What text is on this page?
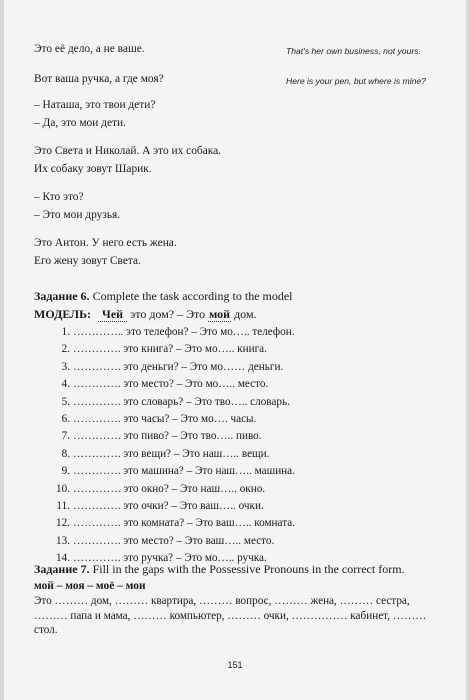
Это её дело, а не ваше.	That's her own business, not yours.
Вот ваша ручка, а где моя?	Here is your pen, but where is mine?
– Наташа, это твои дети?
– Да, это мои дети.
Это Света и Николай. А это их собака.
Их собаку зовут Шарик.
– Кто это?
– Это мои друзья.
Это Антон. У него есть жена.
Его жену зовут Света.
Задание 6. Complete the task according to the model
МОДЕЛЬ: Чей это дом? – Это мой дом.
1. ………….. это телефон? – Это мо….. телефон.
2. …………. это книга? – Это мо….. книга.
3. …………. это деньги? – Это мо…… деньги.
4. …………. это место? – Это мо….. место.
5. …………. это словарь? – Это тво….. словарь.
6. …………. это часы? – Это мо…. часы.
7. …………. это пиво? – Это тво….. пиво.
8. …………. это вещи? – Это наш….. вещи.
9. …………. это машина? – Это наш….. машина.
10. …………. это окно? – Это наш….. окно.
11. …………. это очки? – Это ваш….. очки.
12. …………. это комната? – Это ваш….. комната.
13. …………. это место? – Это ваш….. место.
14. …………. это ручка? – Это мо….. ручка.
Задание 7. Fill in the gaps with the Possessive Pronouns in the correct form.
мой – моя – моё – мои
Это ……… дом, ……… квартира, ……… вопрос, ……… жена, ……… сестра, ……… папа и мама, ……… компьютер, ……… очки, …………… кабинет, ……… стол.
151
